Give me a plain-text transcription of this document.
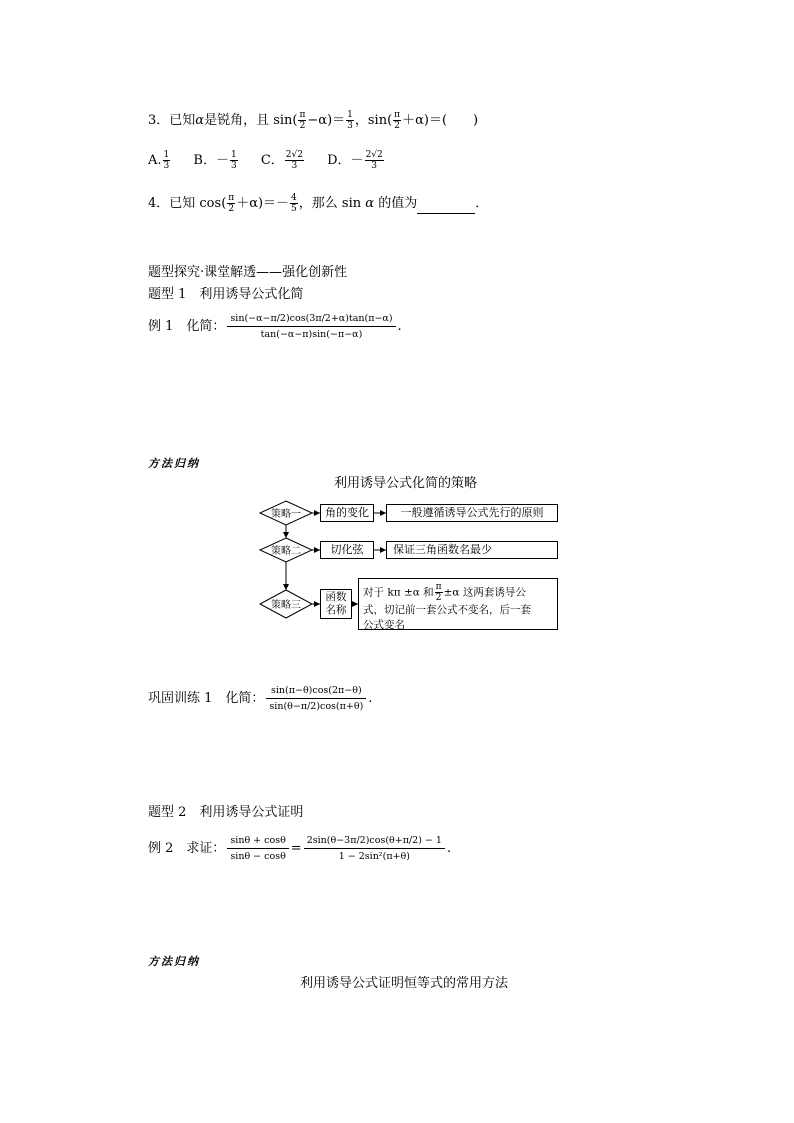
3．已知α是锐角，且 $\sin( \frac{\pi}{2} -\alpha)= \frac{1}{3}$ ，$\sin( \frac{\pi}{2} +\alpha)=$(　　)
A. $\frac{1}{3}$ B．－ $\frac{1}{3}$ C． $\frac{2√2}{3}$ D．－ $\frac{2√2}{3}$
4．已知 $\cos( \frac{\pi}{2} +\alpha)=- \frac{4}{5}$ ，那么 sin α 的值为	．
题型探究·课堂解透——强化创新性
题型 1　利用诱导公式化简
例 1　化简： $\frac{\sin(-\alpha-\pi/2)\cos(3\pi/2+\alpha)\tan(\pi-\alpha)}{\tan(-\alpha-\pi)\sin(-\pi-\alpha)}$ .
方法归纳
利用诱导公式化简的策略
策略一
策略二
策略三
角的变化
切化弦
函数名称
一般遵循诱导公式先行的原则
保证三角函数名最少
对于 kπ ±α 和 $\frac{\pi}{2} \pm\alpha$ 这两套诱导公
式，切记前一套公式不变名，后一套
公式变名
巩固训练 1　化简： $\frac{\sin(\pi-\theta)\cos(2\pi-\theta)}{\sin(\theta-\pi/2)\cos(\pi+\theta)}$ .
题型 2　利用诱导公式证明
例 2　求证： $\frac{\sin\theta + \cos\theta}{\sin\theta - \cos\theta} = \frac{2\sin(\theta-3\pi/2)\cos(\theta+\pi/2) - 1}{\text{1 − 2sin²(π+θ)}}$ .
方法归纳
利用诱导公式证明恒等式的常用方法
